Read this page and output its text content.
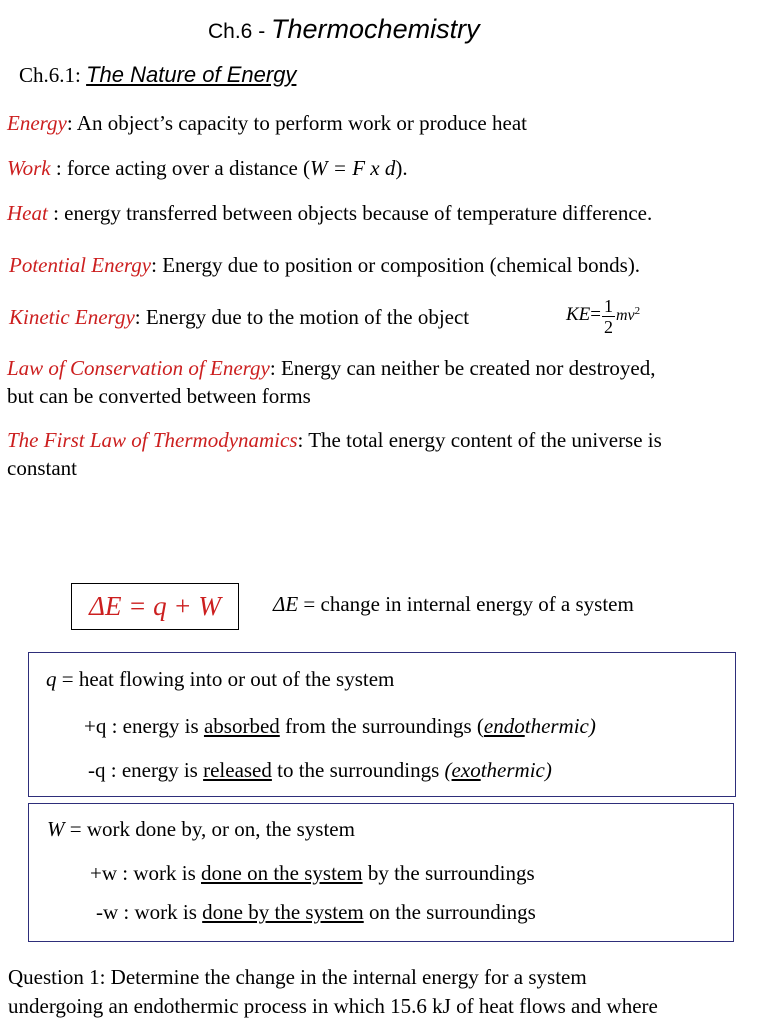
Ch.6 - Thermochemistry
Ch.6.1: The Nature of Energy
Energy: An object’s capacity to perform work or produce heat
Work : force acting over a distance (W = F x d).
Heat : energy transferred between objects because of temperature difference.
Potential Energy: Energy due to position or composition (chemical bonds).
Kinetic Energy: Energy due to the motion of the object	$KE= \frac{1}{2} mv^2$
Law of Conservation of Energy: Energy can neither be created nor destroyed,
but can be converted between forms
The First Law of Thermodynamics: The total energy content of the universe is
constant
ΔE = q + W	ΔE = change in internal energy of a system
q = heat flowing into or out of the system
+q : energy is absorbed from the surroundings (endothermic)
-q : energy is released to the surroundings (exothermic)
W = work done by, or on, the system
+w : work is done on the system by the surroundings
-w : work is done by the system on the surroundings
Question 1: Determine the change in the internal energy for a system
undergoing an endothermic process in which 15.6 kJ of heat flows and where
